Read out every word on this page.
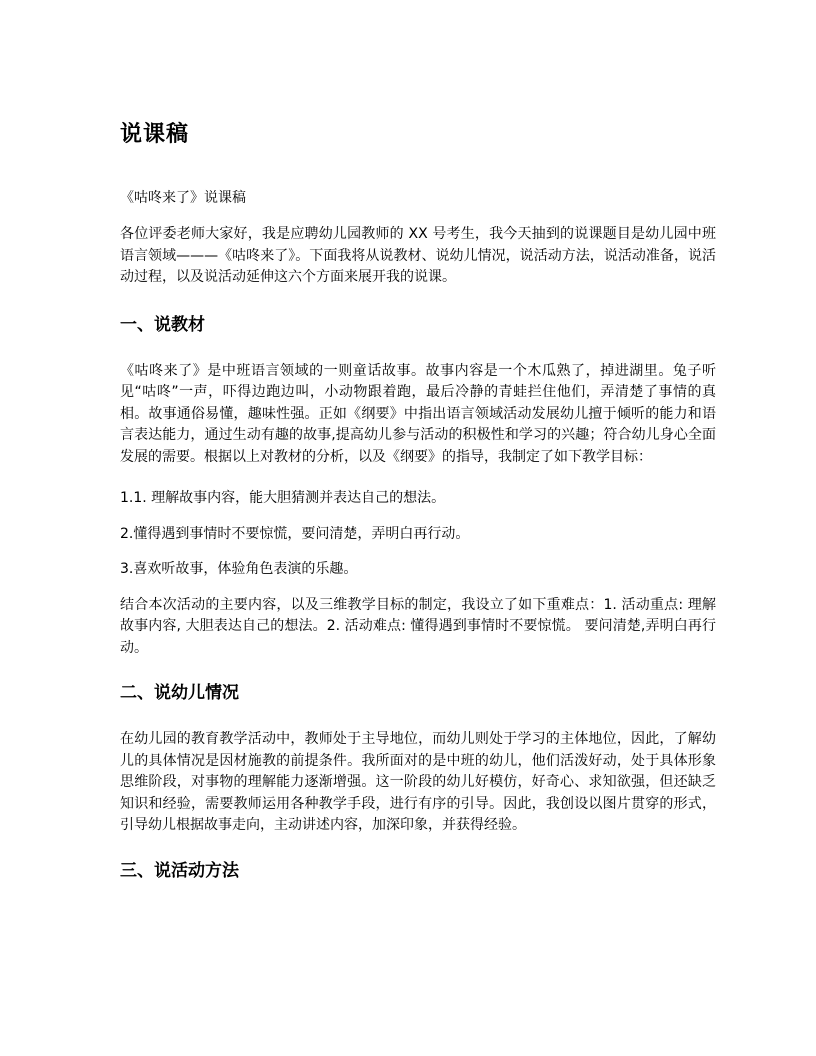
说课稿
《咕咚来了》说课稿

各位评委老师大家好，我是应聘幼儿园教师的 XX 号考生，我今天抽到的说课题目是幼儿园中班语言领域———《咕咚来了》。下面我将从说教材、说幼儿情况，说活动方法，说活动准备，说活动过程，以及说活动延伸这六个方面来展开我的说课。

一、说教材

《咕咚来了》是中班语言领域的一则童话故事。故事内容是一个木瓜熟了，掉进湖里。兔子听见“咕咚”一声，吓得边跑边叫，小动物跟着跑，最后冷静的青蛙拦住他们，弄清楚了事情的真相。故事通俗易懂，趣味性强。正如《纲要》中指出语言领域活动发展幼儿擅于倾听的能力和语言表达能力，通过生动有趣的故事,提高幼儿参与活动的积极性和学习的兴趣；符合幼儿身心全面发展的需要。根据以上对教材的分析，以及《纲要》的指导，我制定了如下教学目标：

1.1. 理解故事内容，能大胆猜测并表达自己的想法。

2.懂得遇到事情时不要惊慌，要问清楚，弄明白再行动。

3.喜欢听故事，体验角色表演的乐趣。

结合本次活动的主要内容，以及三维教学目标的制定，我设立了如下重难点：1. 活动重点: 理解故事内容, 大胆表达自己的想法。2. 活动难点: 懂得遇到事情时不要惊慌。 要问清楚,弄明白再行动。

二、说幼儿情况

在幼儿园的教育教学活动中，教师处于主导地位，而幼儿则处于学习的主体地位，因此，了解幼儿的具体情况是因材施教的前提条件。我所面对的是中班的幼儿，他们活泼好动，处于具体形象思维阶段，对事物的理解能力逐渐增强。这一阶段的幼儿好模仿，好奇心、求知欲强，但还缺乏知识和经验，需要教师运用各种教学手段，进行有序的引导。因此，我创设以图片贯穿的形式，引导幼儿根据故事走向，主动讲述内容，加深印象，并获得经验。

三、说活动方法
